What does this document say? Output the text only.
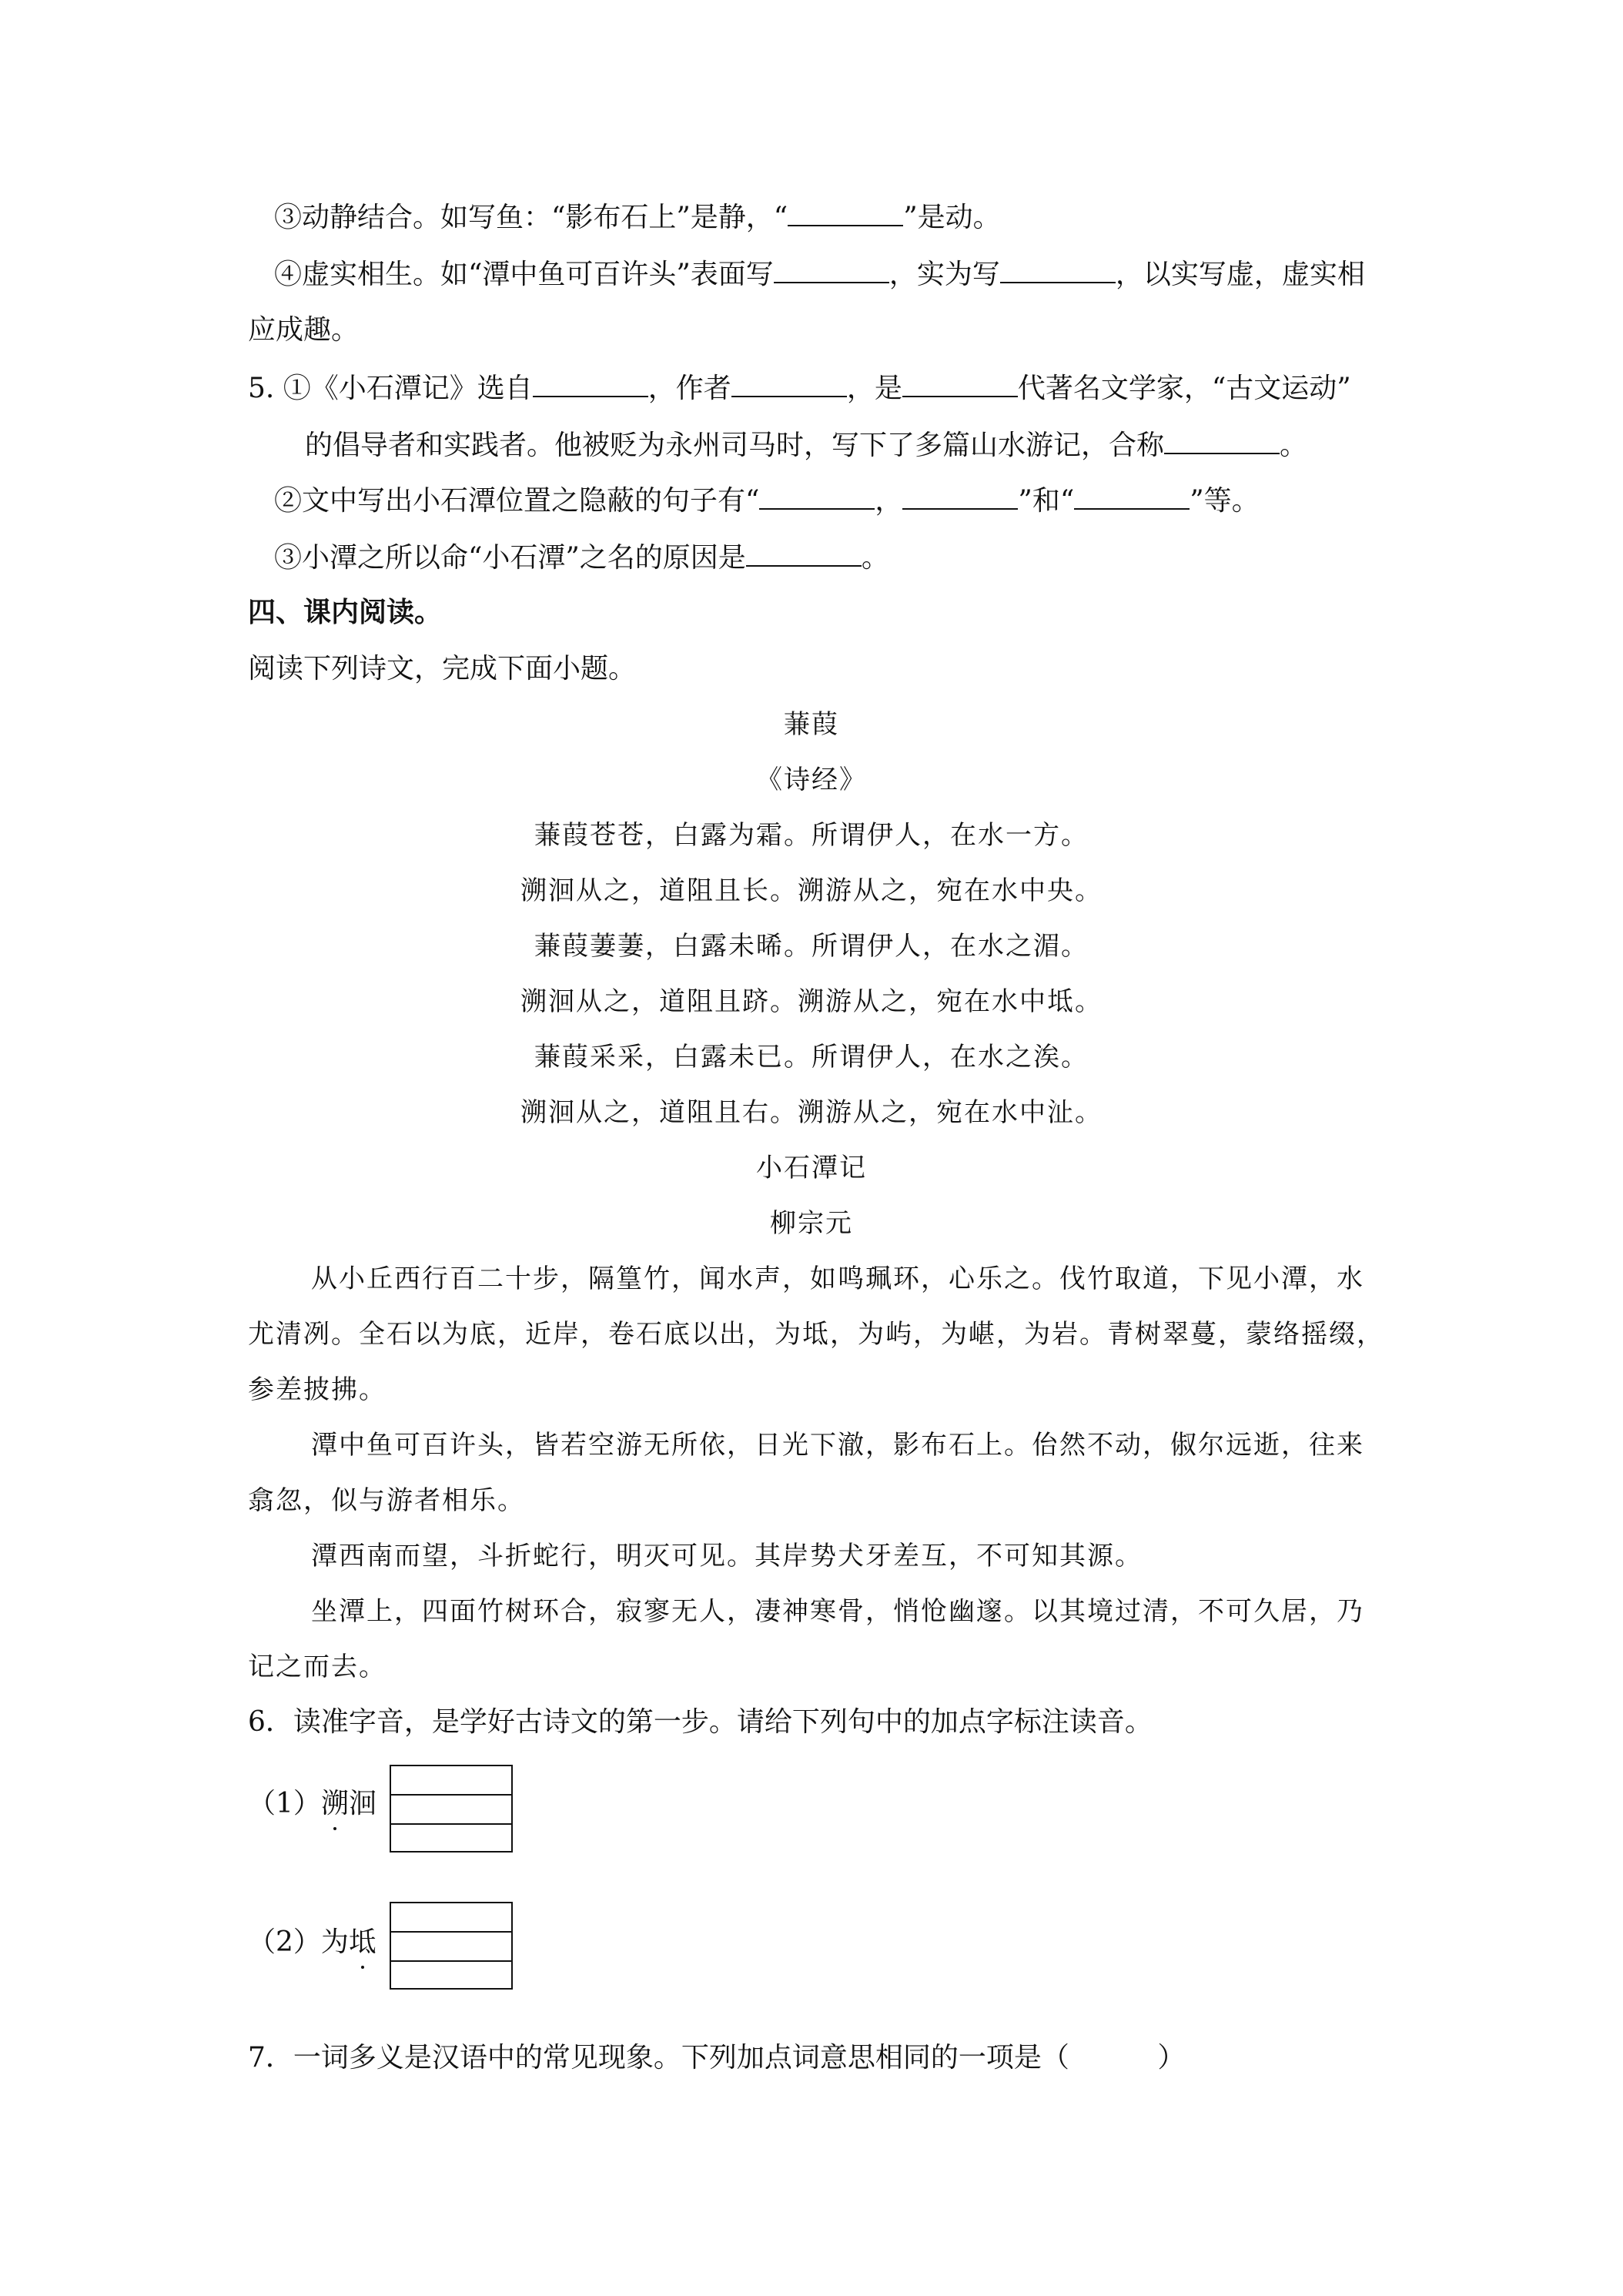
③动静结合。如写鱼：“影布石上”是静，“	”是动。
④虚实相生。如“潭中鱼可百许头”表面写	，实为写	，以实写虚，虚实相
应成趣。
5. ①《小石潭记》选自	，作者	，是	代著名文学家，“古文运动”
的倡导者和实践者。他被贬为永州司马时，写下了多篇山水游记，合称	。
②文中写出小石潭位置之隐蔽的句子有“	，	”和“	”等。
③小潭之所以命“小石潭”之名的原因是	。
四、课内阅读。
阅读下列诗文，完成下面小题。
蒹葭
《诗经》
蒹葭苍苍，白露为霜。所谓伊人，在水一方。
溯洄从之，道阻且长。溯游从之，宛在水中央。
蒹葭萋萋，白露未晞。所谓伊人，在水之湄。
溯洄从之，道阻且跻。溯游从之，宛在水中坻。
蒹葭采采，白露未已。所谓伊人，在水之涘。
溯洄从之，道阻且右。溯游从之，宛在水中沚。
小石潭记
柳宗元
从小丘西行百二十步，隔篁竹，闻水声，如鸣珮环，心乐之。伐竹取道，下见小潭，水
尤清冽。全石以为底，近岸，卷石底以出，为坻，为屿，为嵁，为岩。青树翠蔓，蒙络摇缀，
参差披拂。
潭中鱼可百许头，皆若空游无所依，日光下澈，影布石上。佁然不动，俶尔远逝，往来
翕忽，似与游者相乐。
潭西南而望，斗折蛇行，明灭可见。其岸势犬牙差互，不可知其源。
坐潭上，四面竹树环合，寂寥无人，凄神寒骨，悄怆幽邃。以其境过清，不可久居，乃
记之而去。
6．读准字音，是学好古诗文的第一步。请给下列句中的加点字标注读音。
（1）溯洄
（2）为坻
7．一词多义是汉语中的常见现象。下列加点词意思相同的一项是（          ）
